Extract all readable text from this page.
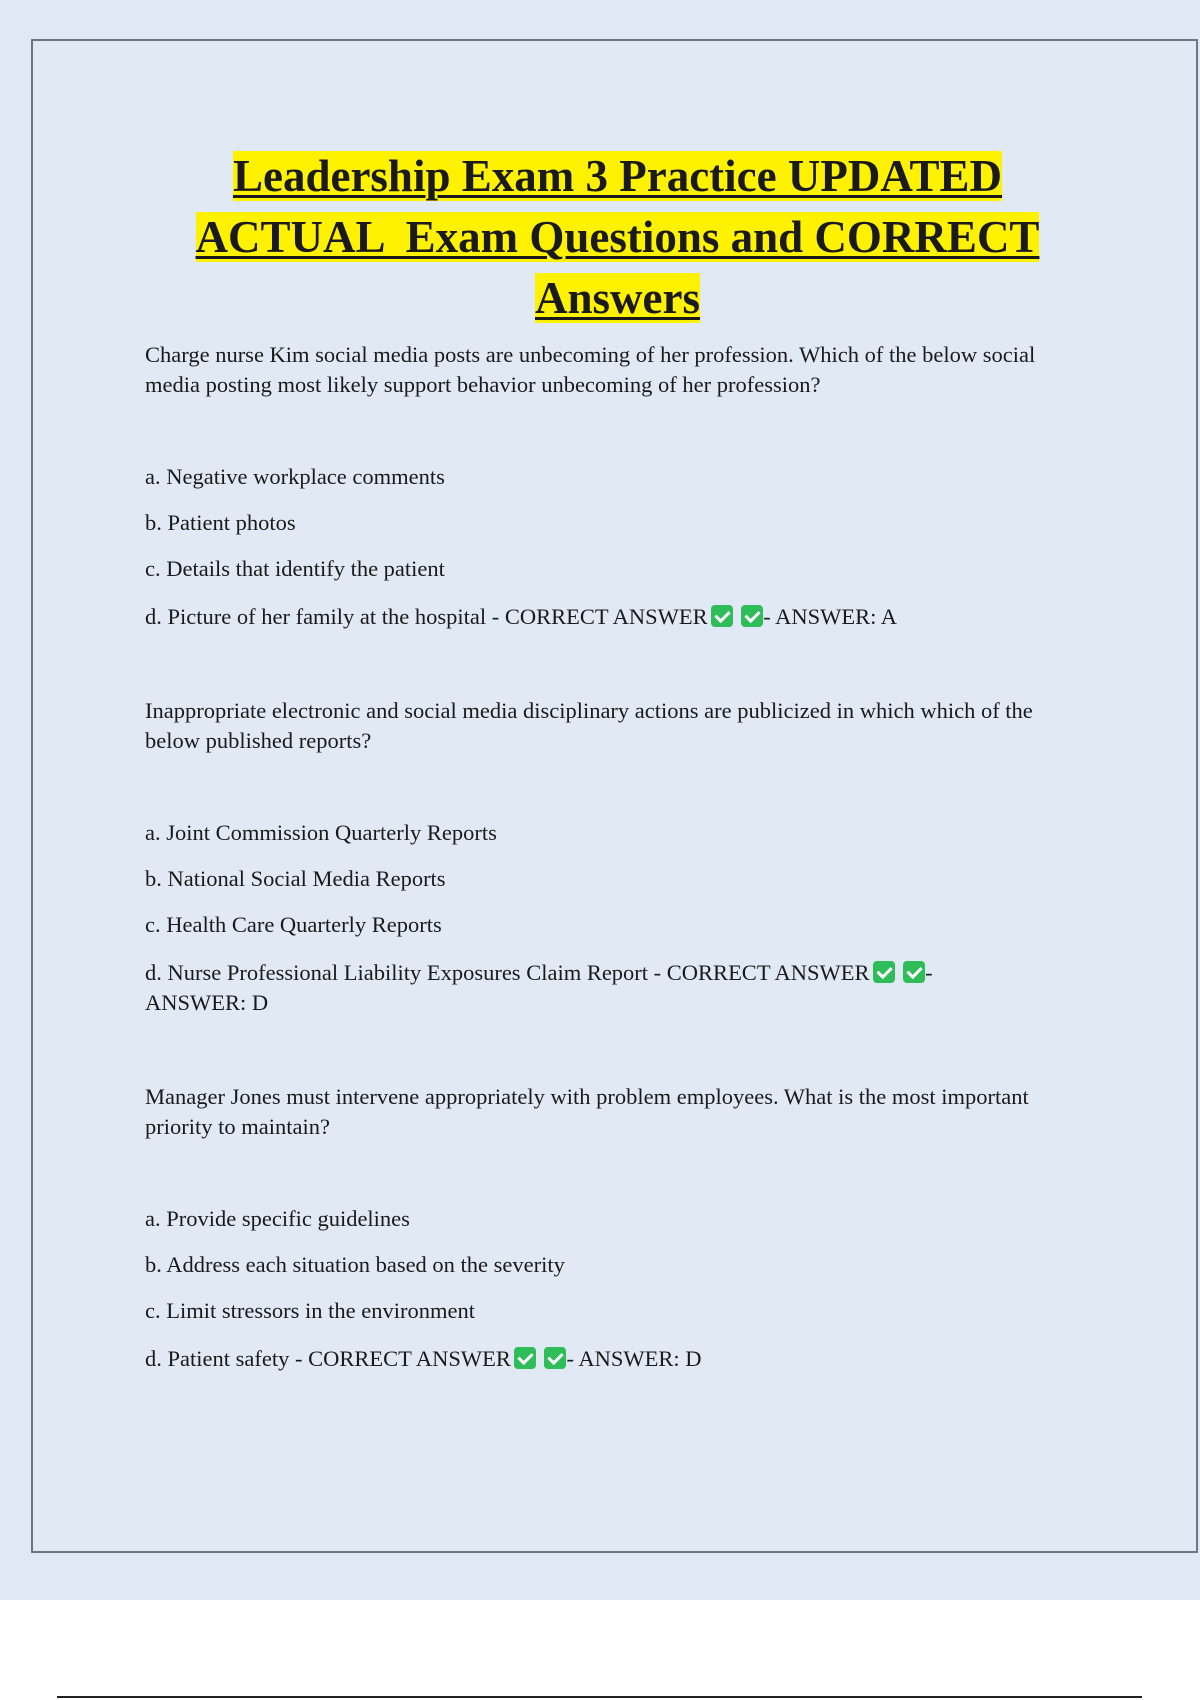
Leadership Exam 3 Practice UPDATED
ACTUAL  Exam Questions and CORRECT
Answers

Charge nurse Kim social media posts are unbecoming of her profession. Which of the below social media posting most likely support behavior unbecoming of her profession?

a. Negative workplace comments

b. Patient photos

c. Details that identify the patient

d. Picture of her family at the hospital - CORRECT ANSWER - ANSWER: A

Inappropriate electronic and social media disciplinary actions are publicized in which which of the below published reports?

a. Joint Commission Quarterly Reports

b. National Social Media Reports

c. Health Care Quarterly Reports

d. Nurse Professional Liability Exposures Claim Report - CORRECT ANSWER -
ANSWER: D

Manager Jones must intervene appropriately with problem employees. What is the most important priority to maintain?

a. Provide specific guidelines

b. Address each situation based on the severity

c. Limit stressors in the environment

d. Patient safety - CORRECT ANSWER - ANSWER: D
